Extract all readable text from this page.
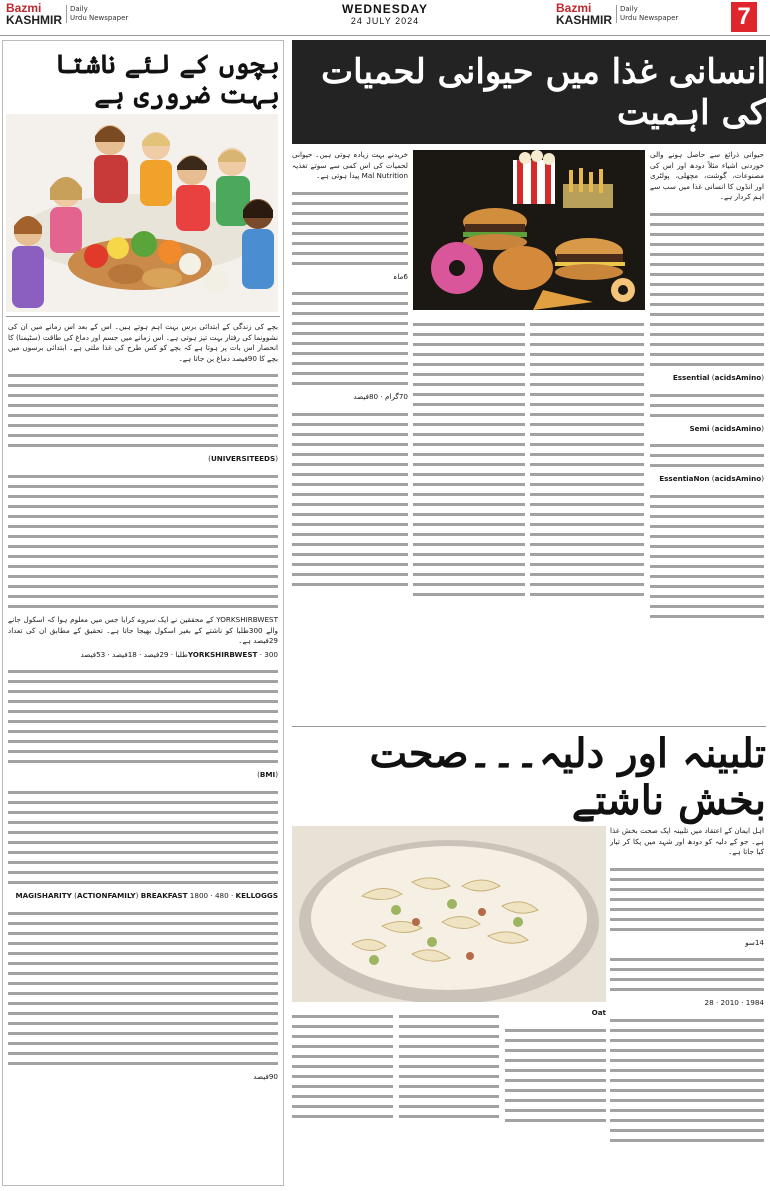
Bazmi
KASHMIR
Daily
Urdu Newspaper
WEDNESDAY
24 JULY 2024
Bazmi
KASHMIR
Daily
Urdu Newspaper 7
بچوں کے لئے ناشتا بہت ضروری ہے

بچے کی زندگی کے ابتدائی برس بہت اہم ہوتے ہیں۔ اس کے بعد اس زمانے میں ان کی نشوونما کی رفتار بہت تیز ہوتی ہے۔ اس زمانے میں جسم اور دماغ کی طاقت (سٹیمنا) کا انحصار اس بات پر ہوتا ہے کہ بچے کو کس طرح کی غذا ملتی ہے۔ ابتدائی برسوں میں بچے کا 90فیصد دماغ بن جاتا ہے۔

(UNIVERSITEEDS)

YORKSHIRBWEST کے محققین نے ایک سروے کرایا جس میں معلوم ہوا کہ اسکول جانے والے 300طلبا کو ناشتے کے بغیر اسکول بھیجا جاتا ہے۔ تحقیق کے مطابق ان کی تعداد 29فیصد ہے۔

YORKSHIRBWEST · 300طلبا · 29فیصد · 18فیصد · 53فیصد

(BMI)

MAGISHARITY (ACTIONFAMILY) BREAKFAST 1800 · 480 · KELLOGGS

90فیصد

انسانی غذا میں حیوانی لحمیات کی اہمیت

حیوانی ذرائع سے حاصل ہونے والی خوردنی اشیاء مثلاً دودھ اور اس کی مصنوعات، گوشت، مچھلی، پولٹری اور انڈوں کا انسانی غذا میں سب سے اہم کردار ہے۔

Essential (acidsAmino)

Semi (acidsAmino)

EssentiaNon (acidsAmino)

خریدنے بہت زیادہ ہوتی ہیں۔ حیوانی لحمیات کی اس کمی سے سوتے تغذیہ Mal Nutrition پیدا ہوتی ہے۔

6ماہ

70گرام · 80فیصد

تلبینہ اور دلیہ۔۔۔صحت بخش ناشتے

اہل ایمان کے اعتقاد میں تلبینہ ایک صحت بخش غذا ہے۔ جو کے دلیہ کو دودھ اور شہد میں پکا کر تیار کیا جاتا ہے۔

14سو

1984 · 2010 · 28

Oat
